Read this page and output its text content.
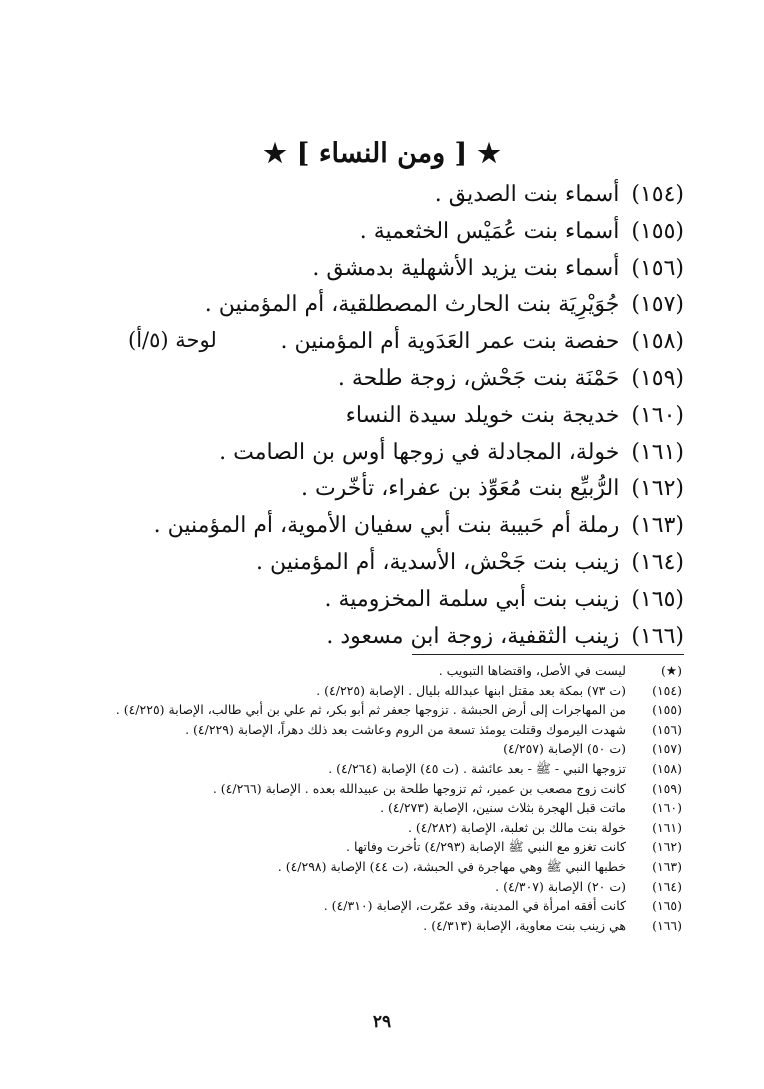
★[ ومن النساء ]★
لوحة (٥/أ)
(١٥٤)أسماء بنت الصديق .
(١٥٥)أسماء بنت عُمَيْس الخثعمية .
(١٥٦)أسماء بنت يزيد الأشهلية بدمشق .
(١٥٧)جُوَيْرِيَة بنت الحارث المصطلقية، أم المؤمنين .
(١٥٨)حفصة بنت عمر العَدَوية أم المؤمنين .
(١٥٩)حَمْنَة بنت جَحْش، زوجة طلحة .
(١٦٠)خديجة بنت خويلد سيدة النساء
(١٦١)خولة، المجادلة في زوجها أوس بن الصامت .
(١٦٢)الرُّبيِّع بنت مُعَوِّذ بن عفراء، تأخّرت .
(١٦٣)رملة أم حَبيبة بنت أبي سفيان الأموية، أم المؤمنين .
(١٦٤)زينب بنت جَحْش، الأسدية، أم المؤمنين .
(١٦٥)زينب بنت أبي سلمة المخزومية .
(١٦٦)زينب الثقفية، زوجة ابن مسعود .
(★)
ليست في الأصل، واقتضاها التبويب .
(١٥٤)
(ت ٧٣) بمكة بعد مقتل ابنها عبدالله بليال . الإصابة (٤/٢٢٥) .
(١٥٥)
من المهاجرات إلى أرض الحبشة . تزوجها جعفر ثم أبو بكر، ثم علي بن أبي طالب، الإصابة (٤/٢٢٥) .
(١٥٦)
شهدت اليرموك وقتلت يومئذ تسعة من الروم وعاشت بعد ذلك دهراً، الإصابة (٤/٢٢٩) .
(١٥٧)
(ت ٥٠) الإصابة (٤/٢٥٧)
(١٥٨)
تزوجها النبي - ﷺ - بعد عائشة . (ت ٤٥) الإصابة (٤/٢٦٤) .
(١٥٩)
كانت زوج مصعب بن عمير، ثم تزوجها طلحة بن عبيدالله بعده . الإصابة (٤/٢٦٦) .
(١٦٠)
ماتت قبل الهجرة بثلاث سنين، الإصابة (٤/٢٧٣) .
(١٦١)
خولة بنت مالك بن ثعلبة، الإصابة (٤/٢٨٢) .
(١٦٢)
كانت تغزو مع النبي ﷺ الإصابة (٤/٢٩٣) تأخرت وفاتها .
(١٦٣)
خطبها النبي ﷺ وهي مهاجرة في الحبشة، (ت ٤٤) الإصابة (٤/٢٩٨) .
(١٦٤)
(ت ٢٠) الإصابة (٤/٣٠٧) .
(١٦٥)
كانت أفقه امرأة في المدينة، وقد عمّرت، الإصابة (٤/٣١٠) .
(١٦٦)
هي زينب بنت معاوية، الإصابة (٤/٣١٣) .
٢٩
